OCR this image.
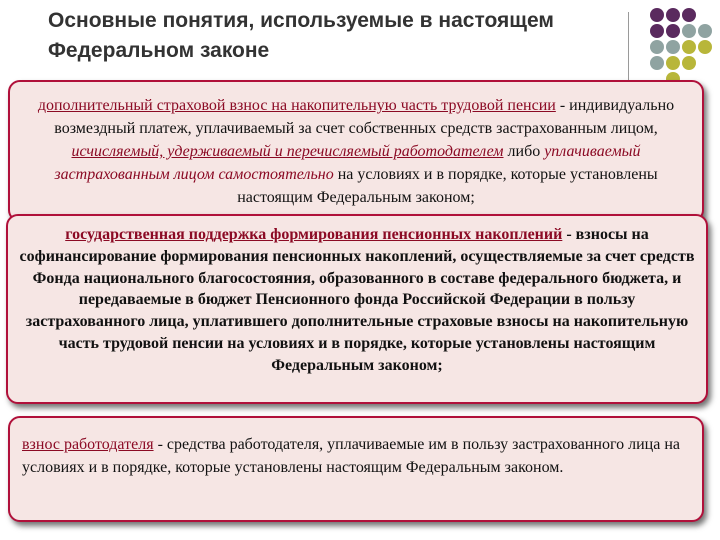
Основные понятия, используемые в настоящем
Федеральном законе
дополнительный страховой взнос на накопительную часть трудовой пенсии - индивидуально возмездный платеж, уплачиваемый за счет собственных средств застрахованным лицом, исчисляемый, удерживаемый и перечисляемый работодателем либо уплачиваемый застрахованным лицом самостоятельно на условиях и в порядке, которые установлены настоящим Федеральным законом;
государственная поддержка формирования пенсионных накоплений - взносы на софинансирование формирования пенсионных накоплений, осуществляемые за счет средств Фонда национального благосостояния, образованного в составе федерального бюджета, и передаваемые в бюджет Пенсионного фонда Российской Федерации в пользу застрахованного лица, уплатившего дополнительные страховые взносы на накопительную часть трудовой пенсии на условиях и в порядке, которые установлены настоящим Федеральным законом;
взнос работодателя - средства работодателя, уплачиваемые им в пользу застрахованного лица на условиях и в порядке, которые установлены настоящим Федеральным законом.
